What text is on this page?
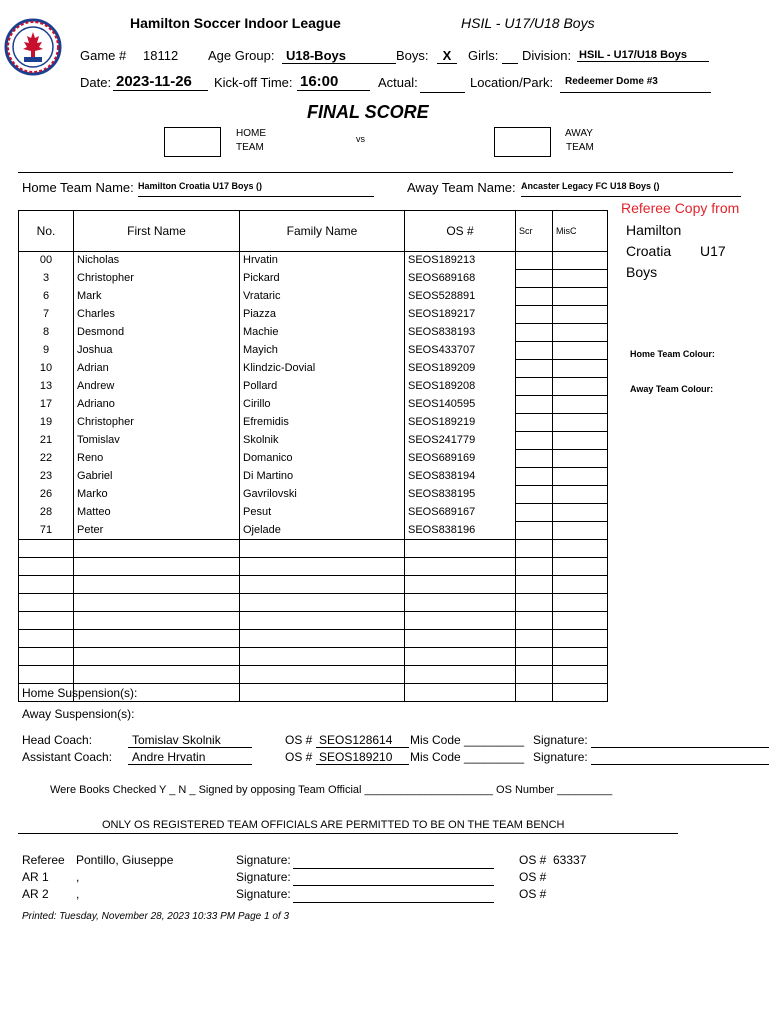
Hamilton Soccer Indoor League	HSIL - U17/U18 Boys
Game # 18112 Age Group: U18-Boys	Boys:	X	Girls: Division: HSIL - U17/U18 Boys
Date: 2023-11-26	Kick-off Time: 16:00	Actual:	Location/Park:	Redeemer Dome #3
FINAL SCORE
HOME
TEAM
vs	AWAY
TEAM
Home Team Name: Hamilton Croatia U17 Boys ()	Away Team Name: Ancaster Legacy FC U18 Boys ()
No.	First Name	Family Name	OS #	Scr	MisC
00	Nicholas	Hrvatin	SEOS189213		
3	Christopher	Pickard	SEOS689168		
6	Mark	Vrataric	SEOS528891		
7	Charles	Piazza	SEOS189217		
8	Desmond	Machie	SEOS838193		
9	Joshua	Mayich	SEOS433707		
10	Adrian	Klindzic-Dovial	SEOS189209		
13	Andrew	Pollard	SEOS189208		
17	Adriano	Cirillo	SEOS140595		
19	Christopher	Efremidis	SEOS189219		
21	Tomislav	Skolnik	SEOS241779		
22	Reno	Domanico	SEOS689169		
23	Gabriel	Di Martino	SEOS838194		
26	Marko	Gavrilovski	SEOS838195		
28	Matteo	Pesut	SEOS689167		
71	Peter	Ojelade	SEOS838196		

Referee Copy from
Hamilton
Croatia U17
Boys
Home Team Colour:
Away Team Colour:
Home Suspension(s):
Away Suspension(s):
Head Coach:	Tomislav Skolnik	OS # SEOS128614	Mis Code _________ Signature:
Assistant Coach:	Andre Hrvatin	OS # SEOS189210	Mis Code _________ Signature:
Were Books Checked Y _ N _ Signed by opposing Team Official _____________________ OS Number _________
ONLY OS REGISTERED TEAM OFFICIALS ARE PERMITTED TO BE ON THE TEAM BENCH
Referee Pontillo, Giuseppe	Signature:	OS # 63337
AR 1 ,	Signature:	OS #
AR 2 ,	Signature:	OS #
Printed: Tuesday, November 28, 2023 10:33 PM Page 1 of 3
